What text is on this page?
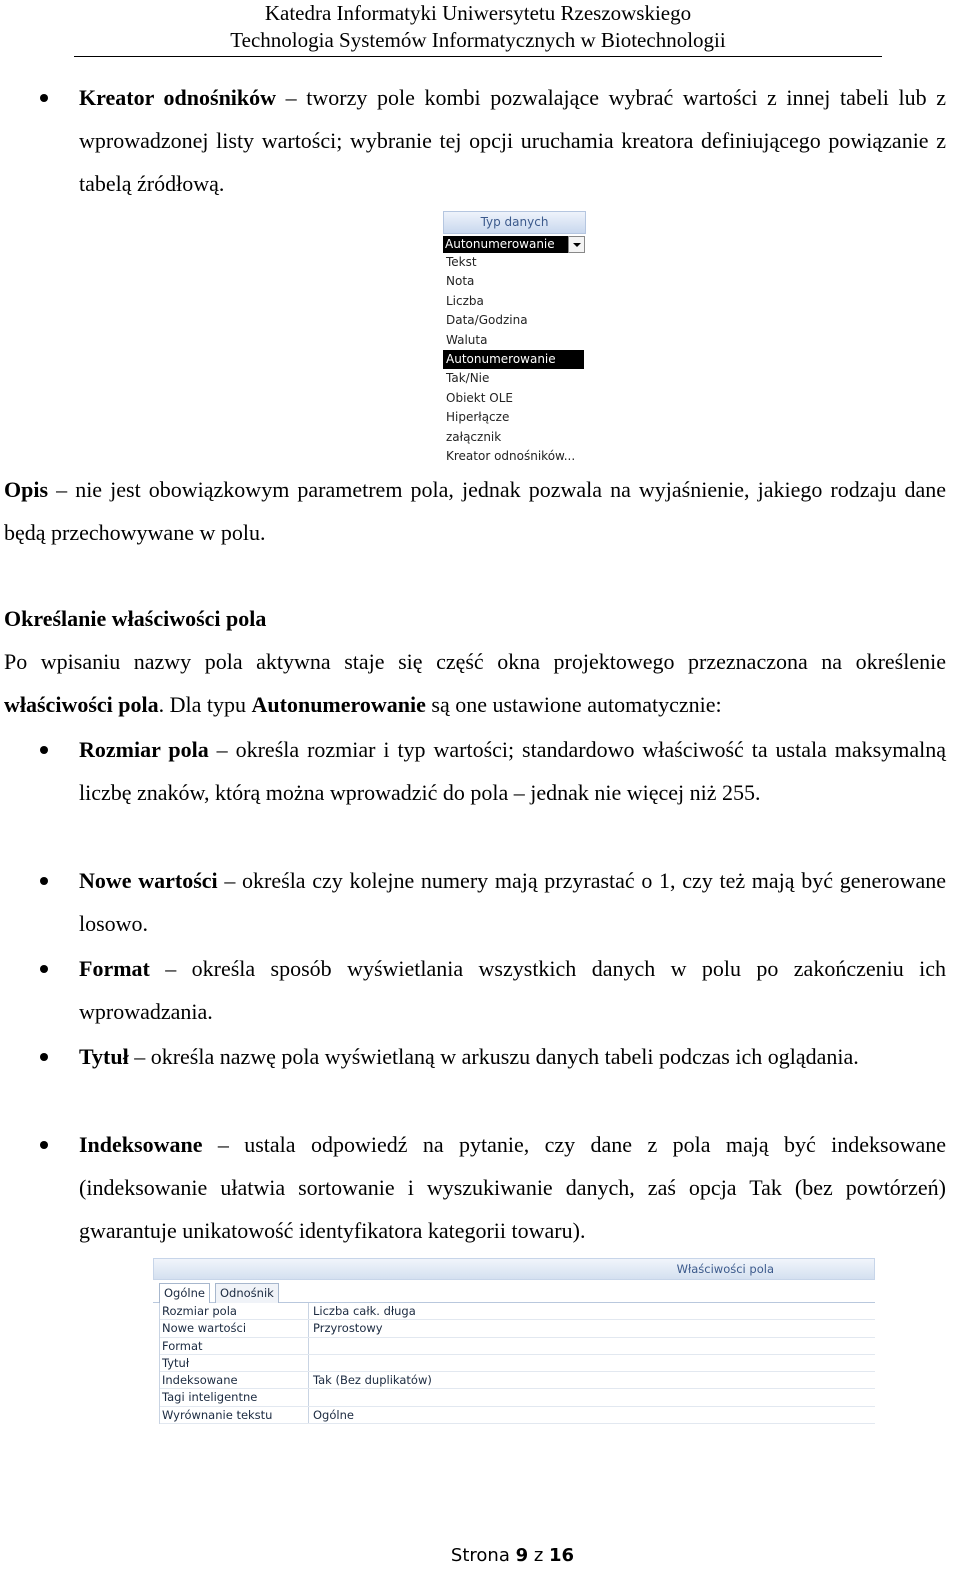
Katedra Informatyki Uniwersytetu Rzeszowskiego
Technologia Systemów Informatycznych w Biotechnologii
Kreator odnośników – tworzy pole kombi pozwalające wybrać wartości z innej tabeli lub z wprowadzonej listy wartości; wybranie tej opcji uruchamia kreatora definiującego powiązanie z tabelą źródłową.
Typ danych
Autonumerowanie
Tekst
Nota
Liczba
Data/Godzina
Waluta
Autonumerowanie
Tak/Nie
Obiekt OLE
Hiperłącze
załącznik
Kreator odnośników...
Opis – nie jest obowiązkowym parametrem pola, jednak pozwala na wyjaśnienie, jakiego rodzaju dane będą przechowywane w polu.
Określanie właściwości pola
Po wpisaniu nazwy pola aktywna staje się część okna projektowego przeznaczona na określenie właściwości pola. Dla typu Autonumerowanie są one ustawione automatycznie:
Rozmiar pola – określa rozmiar i typ wartości; standardowo właściwość ta ustala maksymalną liczbę znaków, którą można wprowadzić do pola – jednak nie więcej niż 255.
Nowe wartości – określa czy kolejne numery mają przyrastać o 1, czy też mają być generowane losowo.
Format – określa sposób wyświetlania wszystkich danych w polu po zakończeniu ich wprowadzania.
Tytuł – określa nazwę pola wyświetlaną w arkuszu danych tabeli podczas ich oglądania.
Indeksowane – ustala odpowiedź na pytanie, czy dane z pola mają być indeksowane (indeksowanie ułatwia sortowanie i wyszukiwanie danych, zaś opcja Tak (bez powtórzeń) gwarantuje unikatowość identyfikatora kategorii towaru).
Właściwości pola
Ogólne	Odnośnik
Rozmiar pola	Liczba całk. długa
Nowe wartości	Przyrostowy
Format
Tytuł
Indeksowane	Tak (Bez duplikatów)
Tagi inteligentne
Wyrównanie tekstu	Ogólne
Strona 9 z 16
